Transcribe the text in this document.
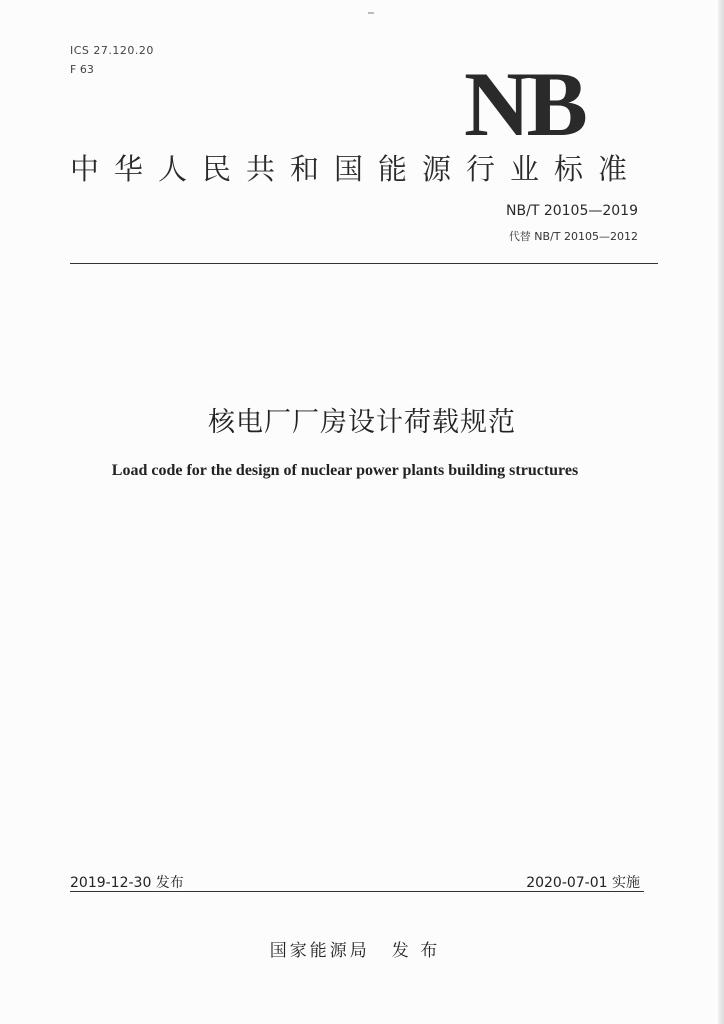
ICS 27.120.20
F 63	NB
中华人民共和国能源行业标准
NB/T 20105—2019
代替 NB/T 20105—2012
核电厂厂房设计荷载规范
Load code for the design of nuclear power plants building structures
2019-12-30 发布	2020-07-01 实施
国家能源局 发 布
